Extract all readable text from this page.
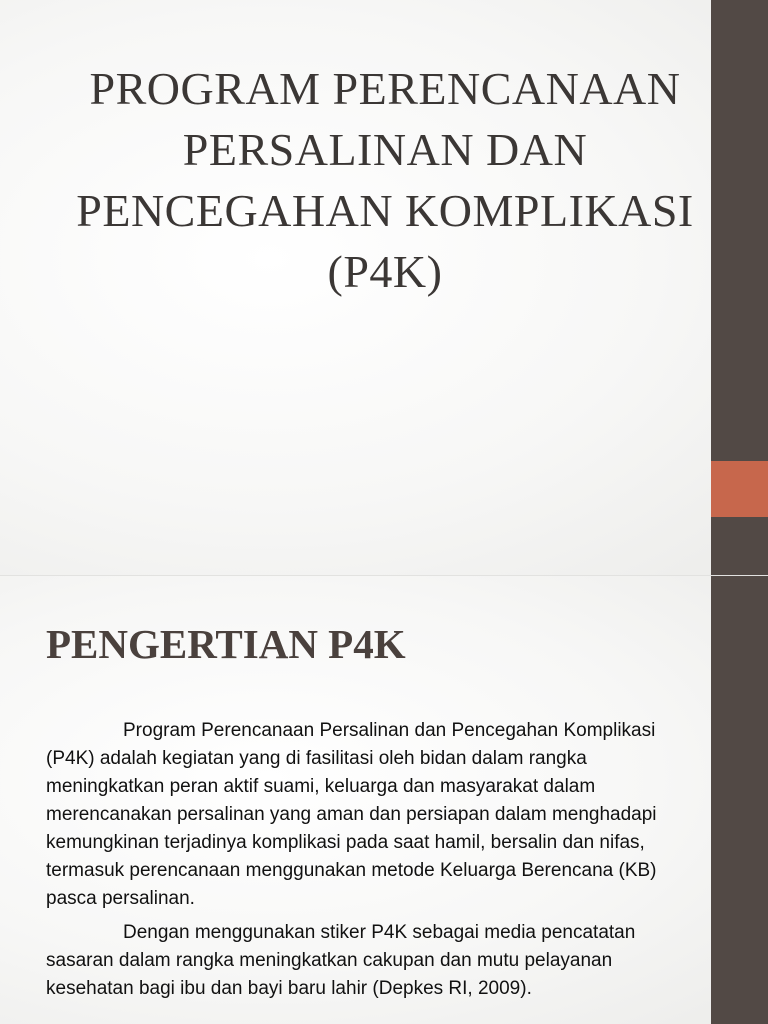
PROGRAM PERENCANAAN
PERSALINAN DAN
PENCEGAHAN KOMPLIKASI
(P4K)
PENGERTIAN P4K

Program Perencanaan Persalinan dan Pencegahan Komplikasi (P4K) adalah kegiatan yang di fasilitasi oleh bidan dalam rangka meningkatkan peran aktif suami, keluarga dan masyarakat dalam merencanakan persalinan yang aman dan persiapan dalam menghadapi kemungkinan terjadinya komplikasi pada saat hamil, bersalin dan nifas, termasuk perencanaan menggunakan metode Keluarga Berencana (KB) pasca persalinan.

Dengan menggunakan stiker P4K sebagai media pencatatan sasaran dalam rangka meningkatkan cakupan dan mutu pelayanan kesehatan bagi ibu dan bayi baru lahir (Depkes RI, 2009).
